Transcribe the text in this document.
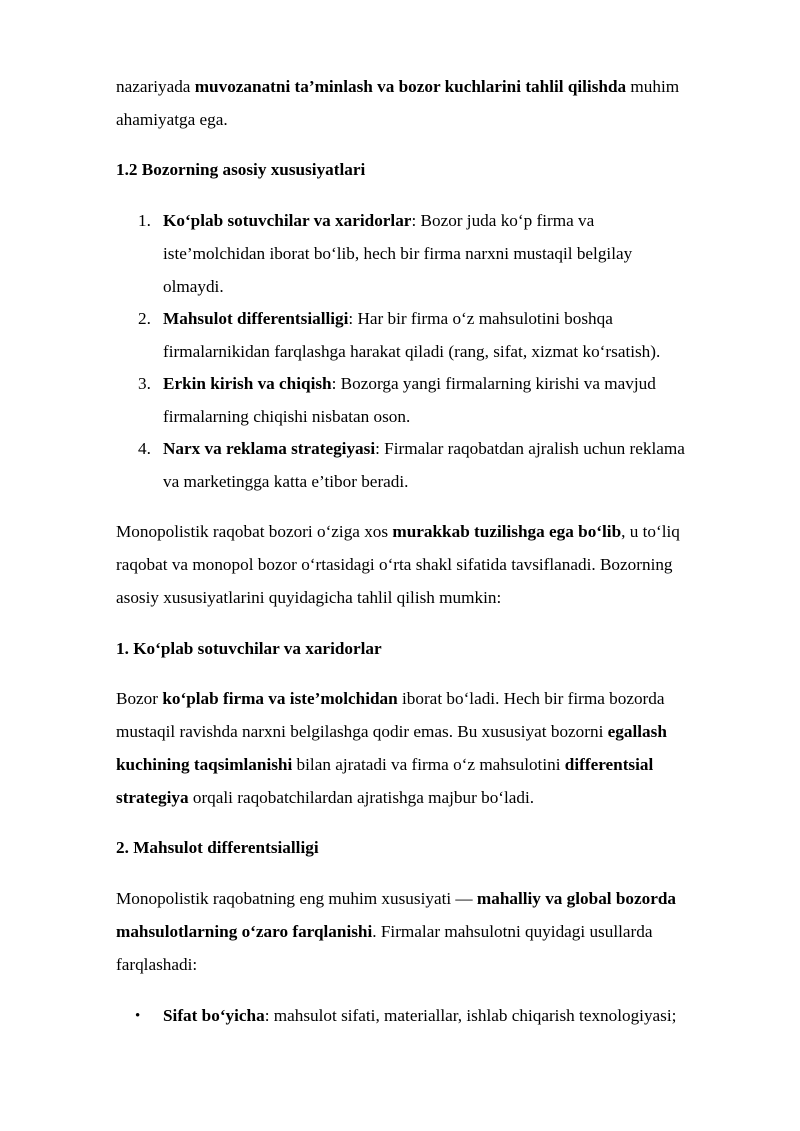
nazariyada muvozanatni ta’minlash va bozor kuchlarini tahlil qilishda muhim
ahamiyatga ega.
1.2 Bozorning asosiy xususiyatlari
1. Ko‘plab sotuvchilar va xaridorlar: Bozor juda ko‘p firma va
iste’molchidan iborat bo‘lib, hech bir firma narxni mustaqil belgilay
olmaydi.
2. Mahsulot differentsialligi: Har bir firma o‘z mahsulotini boshqa
firmalarnikidan farqlashga harakat qiladi (rang, sifat, xizmat ko‘rsatish).
3. Erkin kirish va chiqish: Bozorga yangi firmalarning kirishi va mavjud
firmalarning chiqishi nisbatan oson.
4. Narx va reklama strategiyasi: Firmalar raqobatdan ajralish uchun reklama
va marketingga katta e’tibor beradi.
Monopolistik raqobat bozori o‘ziga xos murakkab tuzilishga ega bo‘lib, u to‘liq
raqobat va monopol bozor o‘rtasidagi o‘rta shakl sifatida tavsiflanadi. Bozorning
asosiy xususiyatlarini quyidagicha tahlil qilish mumkin:
1. Ko‘plab sotuvchilar va xaridorlar
Bozor ko‘plab firma va iste’molchidan iborat bo‘ladi. Hech bir firma bozorda
mustaqil ravishda narxni belgilashga qodir emas. Bu xususiyat bozorni egallash
kuchining taqsimlanishi bilan ajratadi va firma o‘z mahsulotini differentsial
strategiya orqali raqobatchilardan ajratishga majbur bo‘ladi.
2. Mahsulot differentsialligi
Monopolistik raqobatning eng muhim xususiyati — mahalliy va global bozorda
mahsulotlarning o‘zaro farqlanishi. Firmalar mahsulotni quyidagi usullarda
farqlashadi:
• Sifat bo‘yicha: mahsulot sifati, materiallar, ishlab chiqarish texnologiyasi;
